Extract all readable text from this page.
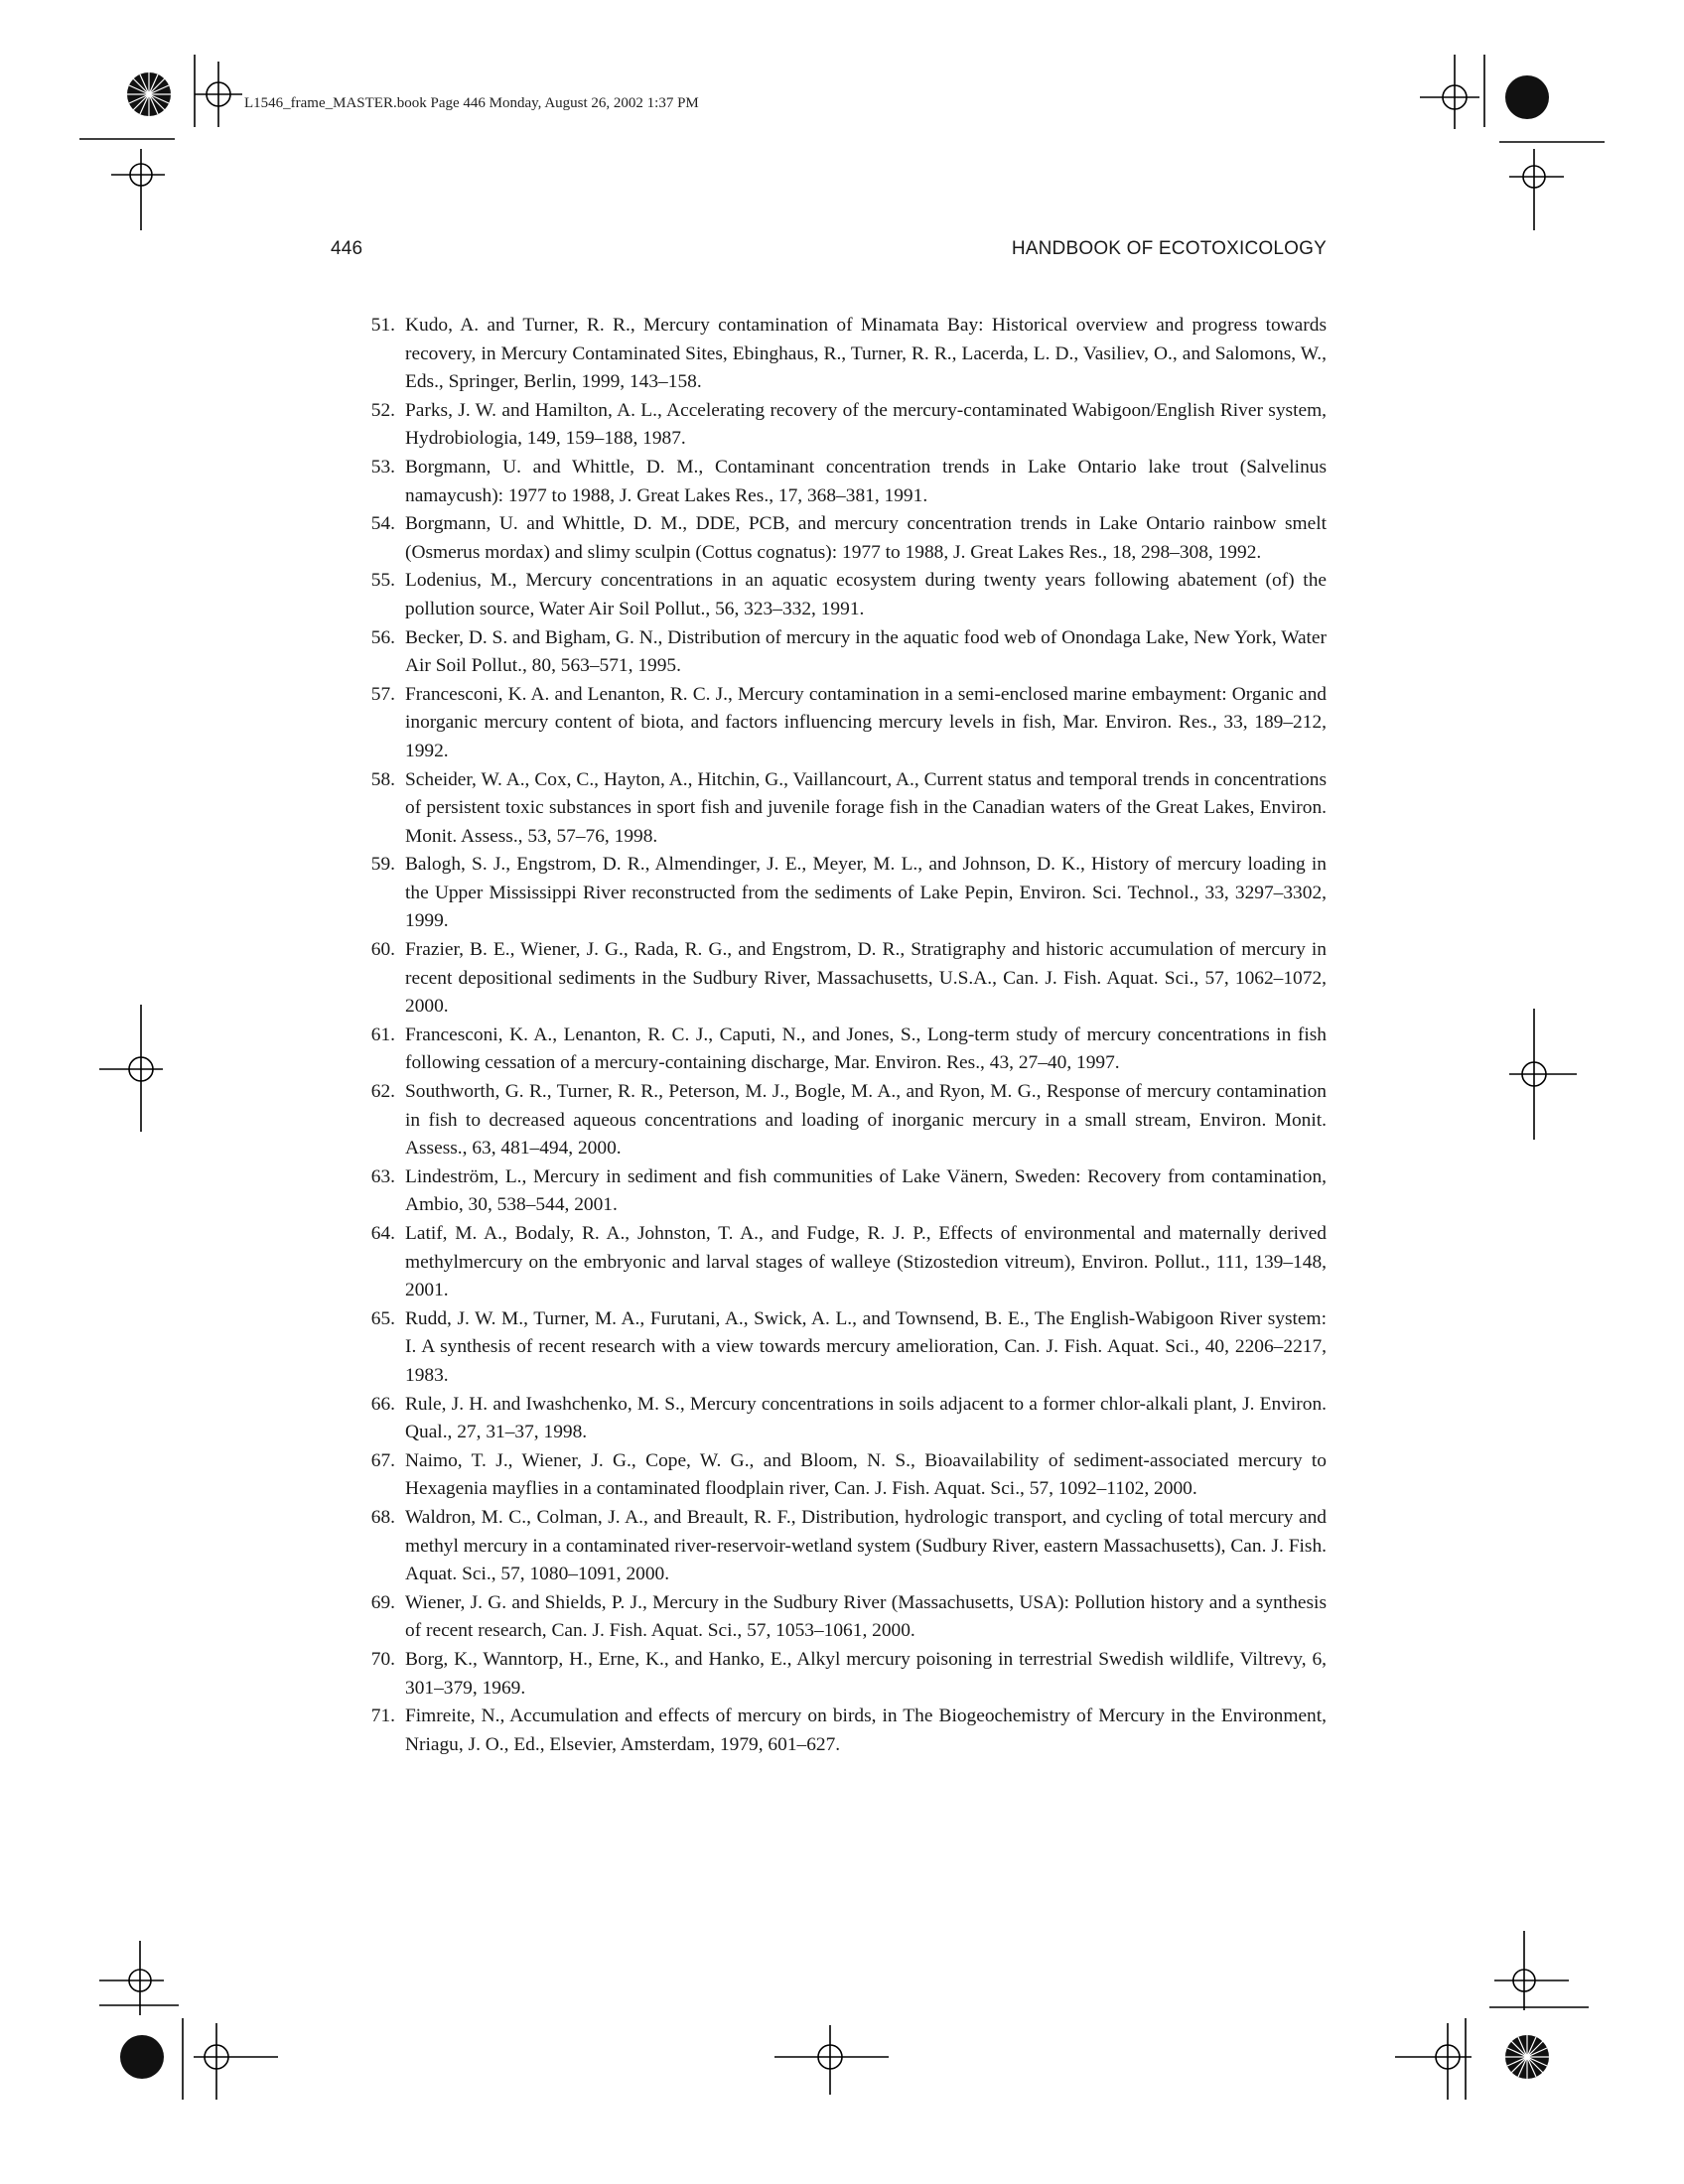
L1546_frame_MASTER.book Page 446 Monday, August 26, 2002 1:37 PM
446	HANDBOOK OF ECOTOXICOLOGY
51. Kudo, A. and Turner, R. R., Mercury contamination of Minamata Bay: Historical overview and progress towards recovery, in Mercury Contaminated Sites, Ebinghaus, R., Turner, R. R., Lacerda, L. D., Vasiliev, O., and Salomons, W., Eds., Springer, Berlin, 1999, 143–158.
52. Parks, J. W. and Hamilton, A. L., Accelerating recovery of the mercury-contaminated Wabigoon/English River system, Hydrobiologia, 149, 159–188, 1987.
53. Borgmann, U. and Whittle, D. M., Contaminant concentration trends in Lake Ontario lake trout (Salvelinus namaycush): 1977 to 1988, J. Great Lakes Res., 17, 368–381, 1991.
54. Borgmann, U. and Whittle, D. M., DDE, PCB, and mercury concentration trends in Lake Ontario rainbow smelt (Osmerus mordax) and slimy sculpin (Cottus cognatus): 1977 to 1988, J. Great Lakes Res., 18, 298–308, 1992.
55. Lodenius, M., Mercury concentrations in an aquatic ecosystem during twenty years following abatement (of) the pollution source, Water Air Soil Pollut., 56, 323–332, 1991.
56. Becker, D. S. and Bigham, G. N., Distribution of mercury in the aquatic food web of Onondaga Lake, New York, Water Air Soil Pollut., 80, 563–571, 1995.
57. Francesconi, K. A. and Lenanton, R. C. J., Mercury contamination in a semi-enclosed marine embayment: Organic and inorganic mercury content of biota, and factors influencing mercury levels in fish, Mar. Environ. Res., 33, 189–212, 1992.
58. Scheider, W. A., Cox, C., Hayton, A., Hitchin, G., Vaillancourt, A., Current status and temporal trends in concentrations of persistent toxic substances in sport fish and juvenile forage fish in the Canadian waters of the Great Lakes, Environ. Monit. Assess., 53, 57–76, 1998.
59. Balogh, S. J., Engstrom, D. R., Almendinger, J. E., Meyer, M. L., and Johnson, D. K., History of mercury loading in the Upper Mississippi River reconstructed from the sediments of Lake Pepin, Environ. Sci. Technol., 33, 3297–3302, 1999.
60. Frazier, B. E., Wiener, J. G., Rada, R. G., and Engstrom, D. R., Stratigraphy and historic accumulation of mercury in recent depositional sediments in the Sudbury River, Massachusetts, U.S.A., Can. J. Fish. Aquat. Sci., 57, 1062–1072, 2000.
61. Francesconi, K. A., Lenanton, R. C. J., Caputi, N., and Jones, S., Long-term study of mercury concentrations in fish following cessation of a mercury-containing discharge, Mar. Environ. Res., 43, 27–40, 1997.
62. Southworth, G. R., Turner, R. R., Peterson, M. J., Bogle, M. A., and Ryon, M. G., Response of mercury contamination in fish to decreased aqueous concentrations and loading of inorganic mercury in a small stream, Environ. Monit. Assess., 63, 481–494, 2000.
63. Lindeström, L., Mercury in sediment and fish communities of Lake Vänern, Sweden: Recovery from contamination, Ambio, 30, 538–544, 2001.
64. Latif, M. A., Bodaly, R. A., Johnston, T. A., and Fudge, R. J. P., Effects of environmental and maternally derived methylmercury on the embryonic and larval stages of walleye (Stizostedion vitreum), Environ. Pollut., 111, 139–148, 2001.
65. Rudd, J. W. M., Turner, M. A., Furutani, A., Swick, A. L., and Townsend, B. E., The English-Wabigoon River system: I. A synthesis of recent research with a view towards mercury amelioration, Can. J. Fish. Aquat. Sci., 40, 2206–2217, 1983.
66. Rule, J. H. and Iwashchenko, M. S., Mercury concentrations in soils adjacent to a former chlor-alkali plant, J. Environ. Qual., 27, 31–37, 1998.
67. Naimo, T. J., Wiener, J. G., Cope, W. G., and Bloom, N. S., Bioavailability of sediment-associated mercury to Hexagenia mayflies in a contaminated floodplain river, Can. J. Fish. Aquat. Sci., 57, 1092–1102, 2000.
68. Waldron, M. C., Colman, J. A., and Breault, R. F., Distribution, hydrologic transport, and cycling of total mercury and methyl mercury in a contaminated river-reservoir-wetland system (Sudbury River, eastern Massachusetts), Can. J. Fish. Aquat. Sci., 57, 1080–1091, 2000.
69. Wiener, J. G. and Shields, P. J., Mercury in the Sudbury River (Massachusetts, USA): Pollution history and a synthesis of recent research, Can. J. Fish. Aquat. Sci., 57, 1053–1061, 2000.
70. Borg, K., Wanntorp, H., Erne, K., and Hanko, E., Alkyl mercury poisoning in terrestrial Swedish wildlife, Viltrevy, 6, 301–379, 1969.
71. Fimreite, N., Accumulation and effects of mercury on birds, in The Biogeochemistry of Mercury in the Environment, Nriagu, J. O., Ed., Elsevier, Amsterdam, 1979, 601–627.
